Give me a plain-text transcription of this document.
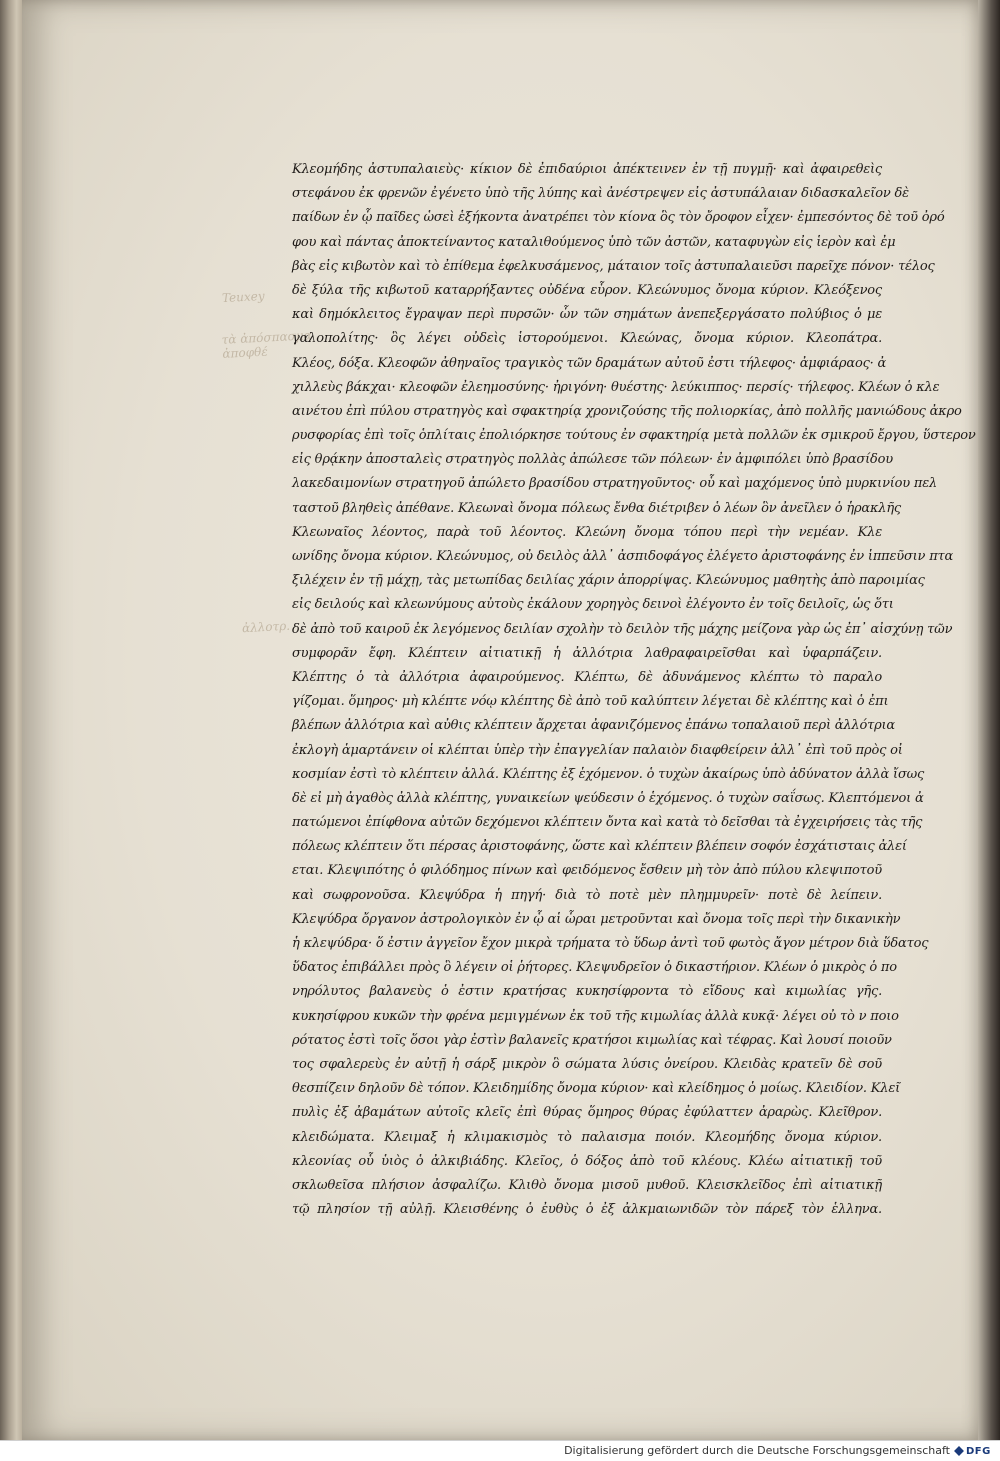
Teuxey
τὰ ἀπόσπασμα ἀποφθέ
ἀλλοτρ.
Κλεομήδης ἀστυπαλαιεὺς· κίκιον δὲ ἐπιδαύριοι ἀπέκτεινεν ἐν τῇ πυγμῇ· καὶ ἀφαιρεθεὶς
στεφάνου ἐκ φρενῶν ἐγένετο ὑπὸ τῆς λύπης καὶ ἀνέστρεψεν εἰς ἀστυπάλαιαν διδασκαλεῖον δὲ
παίδων ἐν ᾧ παῖδες ὡσεὶ ἑξήκοντα ἀνατρέπει τὸν κίονα ὃς τὸν ὄροφον εἶχεν· ἐμπεσόντος δὲ τοῦ ὀρό
φου καὶ πάντας ἀποκτείναντος καταλιθούμενος ὑπὸ τῶν ἀστῶν, καταφυγὼν εἰς ἱερὸν καὶ ἐμ
βὰς εἰς κιβωτὸν καὶ τὸ ἐπίθεμα ἐφελκυσάμενος, μάταιον τοῖς ἀστυπαλαιεῦσι παρεῖχε πόνον· τέλος
δὲ ξύλα τῆς κιβωτοῦ καταρρήξαντες οὐδένα εὗρον. Κλεώνυμος ὄνομα κύριον. Κλεόξενος
καὶ δημόκλειτος ἔγραψαν περὶ πυρσῶν· ὧν τῶν σημάτων ἀνεπεξεργάσατο πολύβιος ὁ με
γαλοπολίτης· ὃς λέγει οὐδεὶς ἱστορούμενοι. Κλεώνας, ὄνομα κύριον. Κλεοπάτρα.
Κλέος, δόξα. Κλεοφῶν ἀθηναῖος τραγικὸς τῶν δραμάτων αὐτοῦ ἐστι τήλεφος· ἀμφιάραος· ἀ
χιλλεὺς βάκχαι· κλεοφῶν ἐλεημοσύνης· ἠριγόνη· θυέστης· λεύκιππος· περσίς· τήλεφος. Κλέων ὁ κλε
αινέτου ἐπὶ πύλου στρατηγὸς καὶ σφακτηρίᾳ χρονιζούσης τῆς πολιορκίας, ἀπὸ πολλῆς μανιώδους ἀκρο
ρυσφορίας ἐπὶ τοῖς ὁπλίταις ἐπολιόρκησε τούτους ἐν σφακτηρίᾳ μετὰ πολλῶν ἐκ σμικροῦ ἔργου, ὕστερον
εἰς θρᾴκην ἀποσταλεὶς στρατηγὸς πολλὰς ἀπώλεσε τῶν πόλεων· ἐν ἀμφιπόλει ὑπὸ βρασίδου
λακεδαιμονίων στρατηγοῦ ἀπώλετο βρασίδου στρατηγοῦντος· οὗ καὶ μαχόμενος ὑπὸ μυρκινίου πελ
ταστοῦ βληθεὶς ἀπέθανε. Κλεωναὶ ὄνομα πόλεως ἔνθα διέτριβεν ὁ λέων ὃν ἀνεῖλεν ὁ ἡρακλῆς
Κλεωναῖος λέοντος, παρὰ τοῦ λέοντος. Κλεώνη ὄνομα τόπου περὶ τὴν νεμέαν. Κλε
ωνίδης ὄνομα κύριον. Κλεώνυμος, οὐ δειλὸς ἀλλ᾽ ἀσπιδοφάγος ἐλέγετο ἀριστοφάνης ἐν ἱππεῦσιν πτα
ξιλέχειν ἐν τῇ μάχῃ, τὰς μετωπίδας δειλίας χάριν ἀπορρίψας. Κλεώνυμος μαθητὴς ἀπὸ παροιμίας
εἰς δειλούς καὶ κλεωνύμους αὐτοὺς ἐκάλουν χορηγὸς δεινοὶ ἐλέγοντο ἐν τοῖς δειλοῖς, ὡς ὅτι
δὲ ἀπὸ τοῦ καιροῦ ἐκ λεγόμενος δειλίαν σχολὴν τὸ δειλὸν τῆς μάχης μείζονα γὰρ ὡς ἐπ᾽ αἰσχύνῃ τῶν
συμφορᾶν ἔφη. Κλέπτειν αἰτιατικῇ ἡ ἀλλότρια λαθραφαιρεῖσθαι καὶ ὑφαρπάζειν.
Κλέπτης ὁ τὰ ἀλλότρια ἀφαιρούμενος. Κλέπτω, δὲ ἀδυνάμενος κλέπτω τὸ παραλο
γίζομαι. ὅμηρος· μὴ κλέπτε νόῳ κλέπτης δὲ ἀπὸ τοῦ καλύπτειν λέγεται δὲ κλέπτης καὶ ὁ ἐπι
βλέπων ἀλλότρια καὶ αὐθις κλέπτειν ἄρχεται ἀφανιζόμενος ἐπάνω τοπαλαιοῦ περὶ ἀλλότρια
ἐκλογὴ ἁμαρτάνειν οἱ κλέπται ὑπὲρ τὴν ἐπαγγελίαν παλαιὸν διαφθείρειν ἀλλ᾽ ἐπὶ τοῦ πρὸς οἰ
κοσμίαν ἐστὶ τὸ κλέπτειν ἀλλά. Κλέπτης ἐξ ἑχόμενον. ὁ τυχὼν ἀκαίρως ὑπὸ ἀδύνατον ἀλλὰ ἴσως
δὲ εἰ μὴ ἀγαθὸς ἀλλὰ κλέπτης, γυναικείων ψεύδεσιν ὁ ἑχόμενος. ὁ τυχὼν σαΐσως. Κλεπτόμενοι ἀ
πατώμενοι ἐπίφθονα αὐτῶν δεχόμενοι κλέπτειν ὄντα καὶ κατὰ τὸ δεῖσθαι τὰ ἐγχειρήσεις τὰς τῆς
πόλεως κλέπτειν ὅτι πέρσας ἀριστοφάνης, ὥστε καὶ κλέπτειν βλέπειν σοφόν ἐσχάτισταις ἀλεί
εται. Κλεψιπότης ὁ φιλόδημος πίνων καὶ φειδόμενος ἔσθειν μὴ τὸν ἀπὸ πύλου κλεψιποτοῦ
καὶ σωφρονοῦσα. Κλεψύδρα ἡ πηγή· διὰ τὸ ποτὲ μὲν πλημμυρεῖν· ποτὲ δὲ λείπειν.
Κλεψύδρα ὄργανον ἀστρολογικὸν ἐν ᾧ αἱ ὧραι μετροῦνται καὶ ὄνομα τοῖς περὶ τὴν δικανικὴν
ἡ κλεψύδρα· ὅ ἐστιν ἀγγεῖον ἔχον μικρὰ τρήματα τὸ ὕδωρ ἀντὶ τοῦ φωτὸς ἄγον μέτρον διὰ ὕδατος
ὕδατος ἐπιβάλλει πρὸς ὃ λέγειν οἱ ῥήτορες. Κλεψυδρεῖον ὁ δικαστήριον. Κλέων ὁ μικρὸς ὁ πο
νηρόλυτος βαλανεὺς ὁ ἐστιν κρατήσας κυκησίφροντα τὸ εἴδους καὶ κιμωλίας γῆς.
κυκησίφρου κυκῶν τὴν φρένα μεμιγμένων ἐκ τοῦ τῆς κιμωλίας ἀλλὰ κυκᾷ· λέγει οὐ τὸ ν ποιο
ρότατος ἐστὶ τοῖς ὅσοι γὰρ ἐστὶν βαλανεῖς κρατήσοι κιμωλίας καὶ τέφρας. Καὶ λουσί ποιοῦν
τος σφαλερεὺς ἐν αὐτῇ ἡ σάρξ μικρὸν ὃ σώματα λύσις ὀνείρου. Κλειδὰς κρατεῖν δὲ σοῦ
θεσπίζειν δηλοῦν δὲ τόπον. Κλειδημίδης ὄνομα κύριον· καὶ κλείδημος ὁ μοίως. Κλειδίον. Κλεῖ
πυλὶς ἐξ ἀβαμάτων αὐτοῖς κλεῖς ἐπὶ θύρας ὅμηρος θύρας ἐφύλαττεν ἀραρὼς. Κλεῖθρον.
κλειδώματα. Κλειμαξ ἡ κλιμακισμὸς τὸ παλαισμα ποιόν. Κλεομήδης ὄνομα κύριον.
κλεονίας οὗ ὑιὸς ὁ ἀλκιβιάδης. Κλεῖος, ὁ δόξος ἀπὸ τοῦ κλέους. Κλέω αἰτιατικῇ τοῦ
σκλωθεῖσα πλήσιον ἀσφαλίζω. Κλιθὸ ὄνομα μισοῦ μυθοῦ. Κλεισκλεῖδος ἐπὶ αἰτιατικῇ
τῷ πλησίον τῇ αὐλῇ. Κλεισθένης ὁ ἐυθὺς ὁ ἐξ ἀλκμαιωνιδῶν τὸν πάρεξ τὸν ἑλληνα.
Digitalisierung gefördert durch die Deutsche Forschungsgemeinschaft DFG
